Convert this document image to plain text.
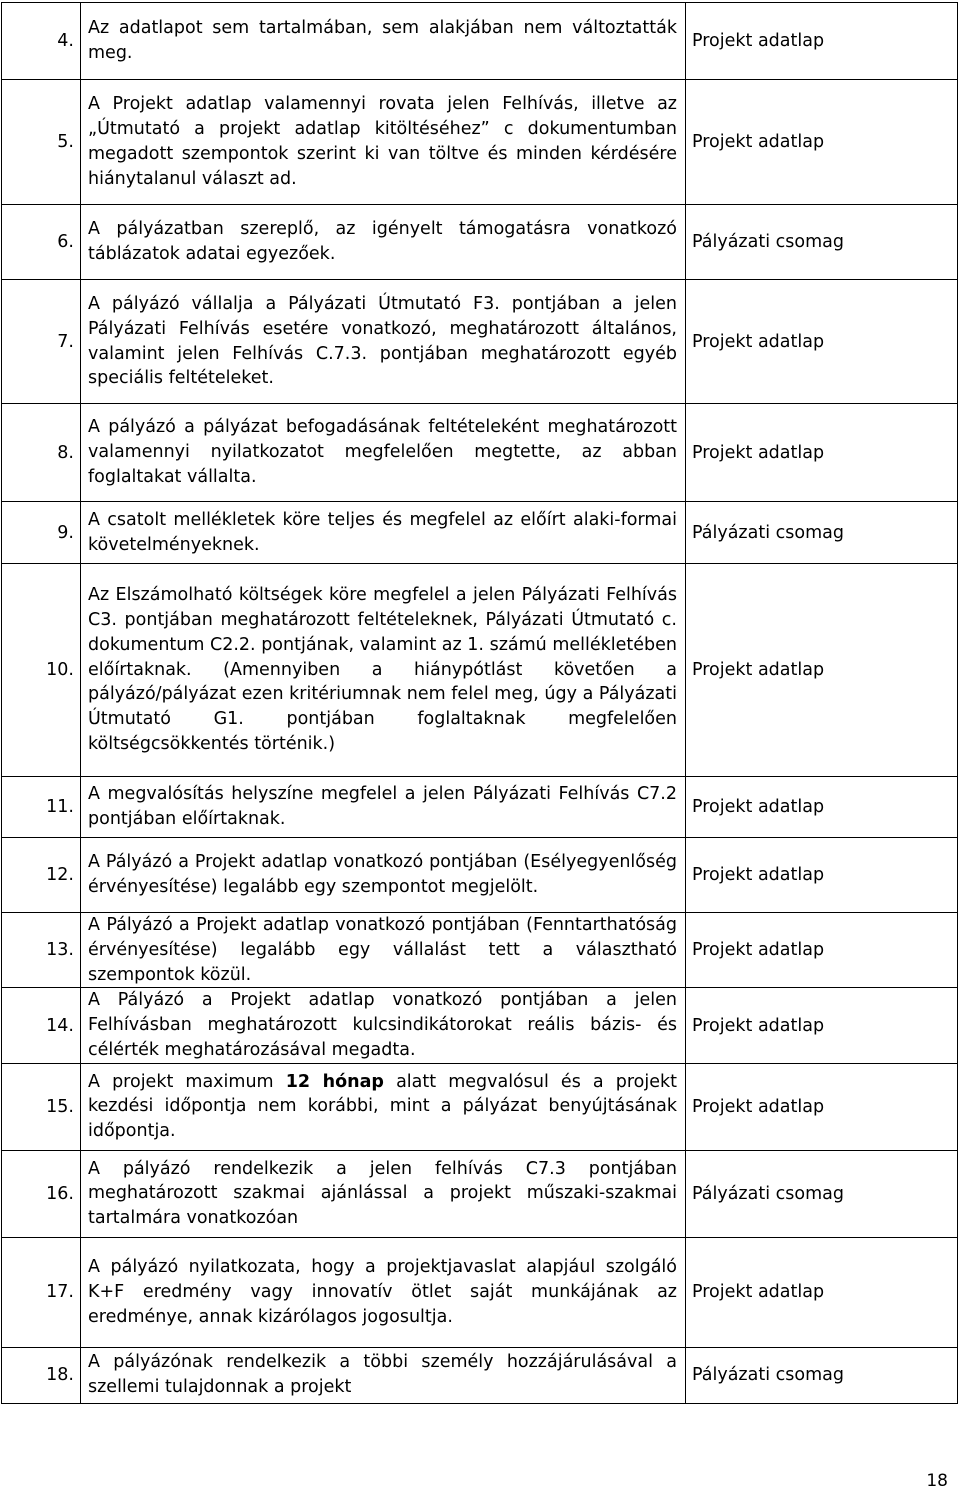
4.	Az adatlapot sem tartalmában, sem alakjában nem változtatták meg.	Projekt adatlap
5.	A Projekt adatlap valamennyi rovata jelen Felhívás, illetve az „Útmutató a projekt adatlap kitöltéséhez” c dokumentumban megadott szempontok szerint ki van töltve és minden kérdésére hiánytalanul választ ad.	Projekt adatlap
6.	A pályázatban szereplő, az igényelt támogatásra vonatkozó táblázatok adatai egyezőek.	Pályázati csomag
7.	A pályázó vállalja a Pályázati Útmutató F3. pontjában a jelen Pályázati Felhívás esetére vonatkozó, meghatározott általános, valamint jelen Felhívás C.7.3. pontjában meghatározott egyéb speciális feltételeket.	Projekt adatlap
8.	A pályázó a pályázat befogadásának feltételeként meghatározott valamennyi nyilatkozatot megfelelően megtette, az abban foglaltakat vállalta.	Projekt adatlap
9.	A csatolt mellékletek köre teljes és megfelel az előírt alaki-formai követelményeknek.	Pályázati csomag
10.	Az Elszámolható költségek köre megfelel a jelen Pályázati Felhívás C3. pontjában meghatározott feltételeknek, Pályázati Útmutató c. dokumentum C2.2. pontjának, valamint az 1. számú mellékletében előírtaknak. (Amennyiben a hiánypótlást követően a pályázó/pályázat ezen kritériumnak nem felel meg, úgy a Pályázati Útmutató G1. pontjában foglaltaknak megfelelően költségcsökkentés történik.)	Projekt adatlap
11.	A megvalósítás helyszíne megfelel a jelen Pályázati Felhívás C7.2 pontjában előírtaknak.	Projekt adatlap
12.	A Pályázó a Projekt adatlap vonatkozó pontjában (Esélyegyenlőség érvényesítése) legalább egy szempontot megjelölt.	Projekt adatlap
13.	A Pályázó a Projekt adatlap vonatkozó pontjában (Fenntarthatóság érvényesítése) legalább egy vállalást tett a választható szempontok közül.	Projekt adatlap
14.	A Pályázó a Projekt adatlap vonatkozó pontjában a jelen Felhívásban meghatározott kulcsindikátorokat reális bázis- és célérték meghatározásával megadta.	Projekt adatlap
15.	A projekt maximum 12 hónap alatt megvalósul és a projekt kezdési időpontja nem korábbi, mint a pályázat benyújtásának időpontja.	Projekt adatlap
16.	A pályázó rendelkezik a jelen felhívás C7.3 pontjában meghatározott szakmai ajánlással a projekt műszaki-szakmai tartalmára vonatkozóan	Pályázati csomag
17.	A pályázó nyilatkozata, hogy a projektjavaslat alapjául szolgáló K+F eredmény vagy innovatív ötlet saját munkájának az eredménye, annak kizárólagos jogosultja.	Projekt adatlap
18.	A pályázónak rendelkezik a többi személy hozzájárulásával a szellemi tulajdonnak a projekt	Pályázati csomag
18
